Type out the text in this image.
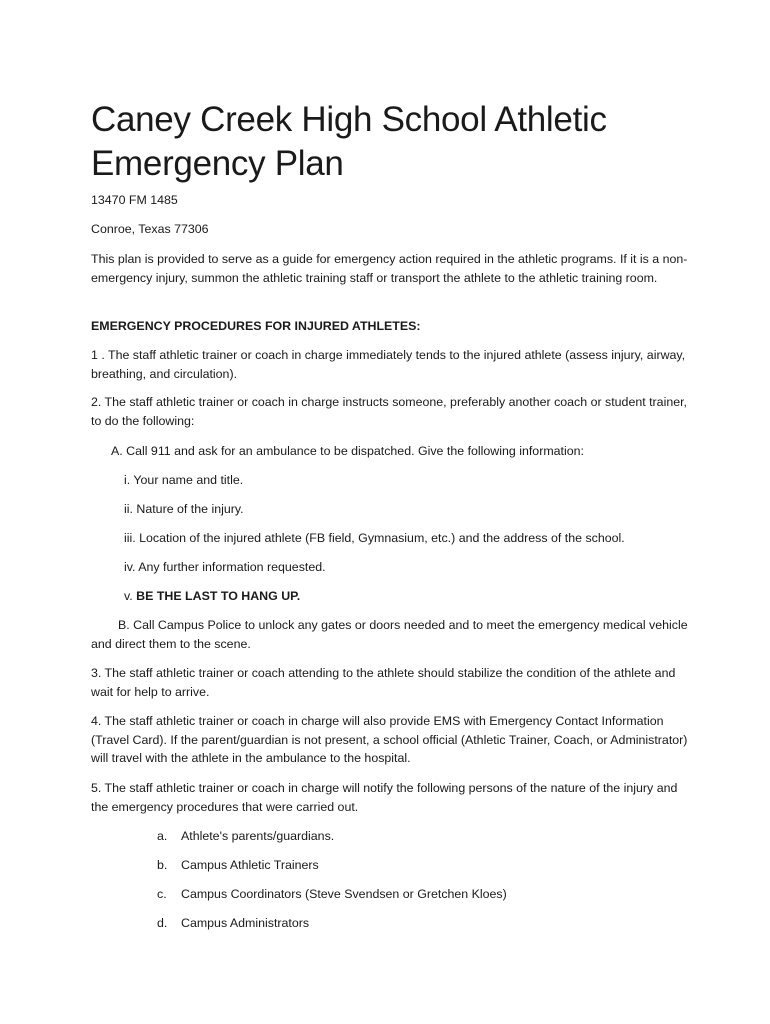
Caney Creek High School Athletic Emergency Plan

13470 FM 1485

Conroe, Texas 77306

This plan is provided to serve as a guide for emergency action required in the athletic programs. If it is a non-emergency injury, summon the athletic training staff or transport the athlete to the athletic training room.

EMERGENCY PROCEDURES FOR INJURED ATHLETES:

1 . The staff athletic trainer or coach in charge immediately tends to the injured athlete (assess injury, airway, breathing, and circulation).

2. The staff athletic trainer or coach in charge instructs someone, preferably another coach or student trainer, to do the following:

A. Call 911 and ask for an ambulance to be dispatched. Give the following information:

i. Your name and title.

ii. Nature of the injury.

iii. Location of the injured athlete (FB field, Gymnasium, etc.) and the address of the school.

iv. Any further information requested.

v. BE THE LAST TO HANG UP.

B. Call Campus Police to unlock any gates or doors needed and to meet the emergency medical vehicle and direct them to the scene.

3. The staff athletic trainer or coach attending to the athlete should stabilize the condition of the athlete and wait for help to arrive.

4. The staff athletic trainer or coach in charge will also provide EMS with Emergency Contact Information (Travel Card). If the parent/guardian is not present, a school official (Athletic Trainer, Coach, or Administrator) will travel with the athlete in the ambulance to the hospital.

5. The staff athletic trainer or coach in charge will notify the following persons of the nature of the injury and the emergency procedures that were carried out.

a. Athlete's parents/guardians.

b. Campus Athletic Trainers

c. Campus Coordinators (Steve Svendsen or Gretchen Kloes)

d. Campus Administrators
